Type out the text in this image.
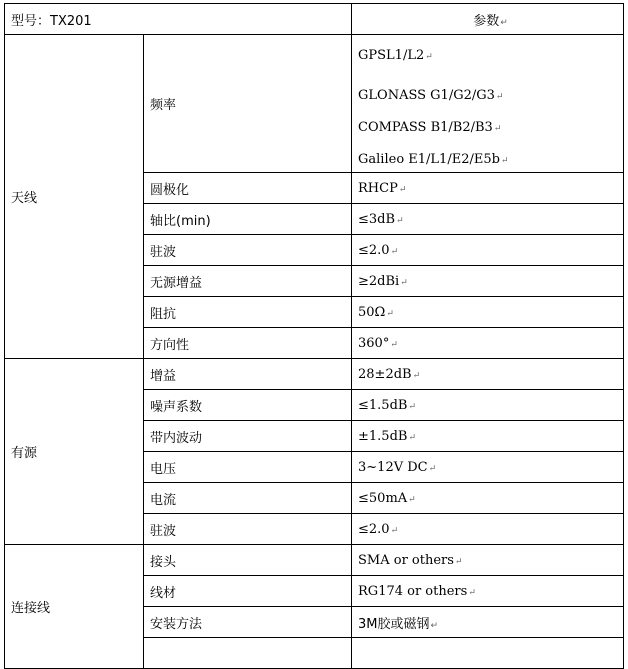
型号：TX201		参数↵
天线	频率	GPSL1/L2↵
GLONASS G1/G2/G3↵
COMPASS B1/B2/B3↵
Galileo E1/L1/E2/E5b↵

	圆极化	RHCP↵
	轴比(min)	≤3dB↵
	驻波	≤2.0↵
	无源增益	≥2dBi↵
	阻抗	50Ω↵
	方向性	360°↵
有源	增益	28±2dB↵
	噪声系数	≤1.5dB↵
	带内波动	±1.5dB↵
	电压	3~12V DC↵
	电流	≤50mA↵
	驻波	≤2.0↵
连接线	接头	SMA or others↵
	线材	RG174 or others↵
	安装方法	3M胶或磁钢↵
